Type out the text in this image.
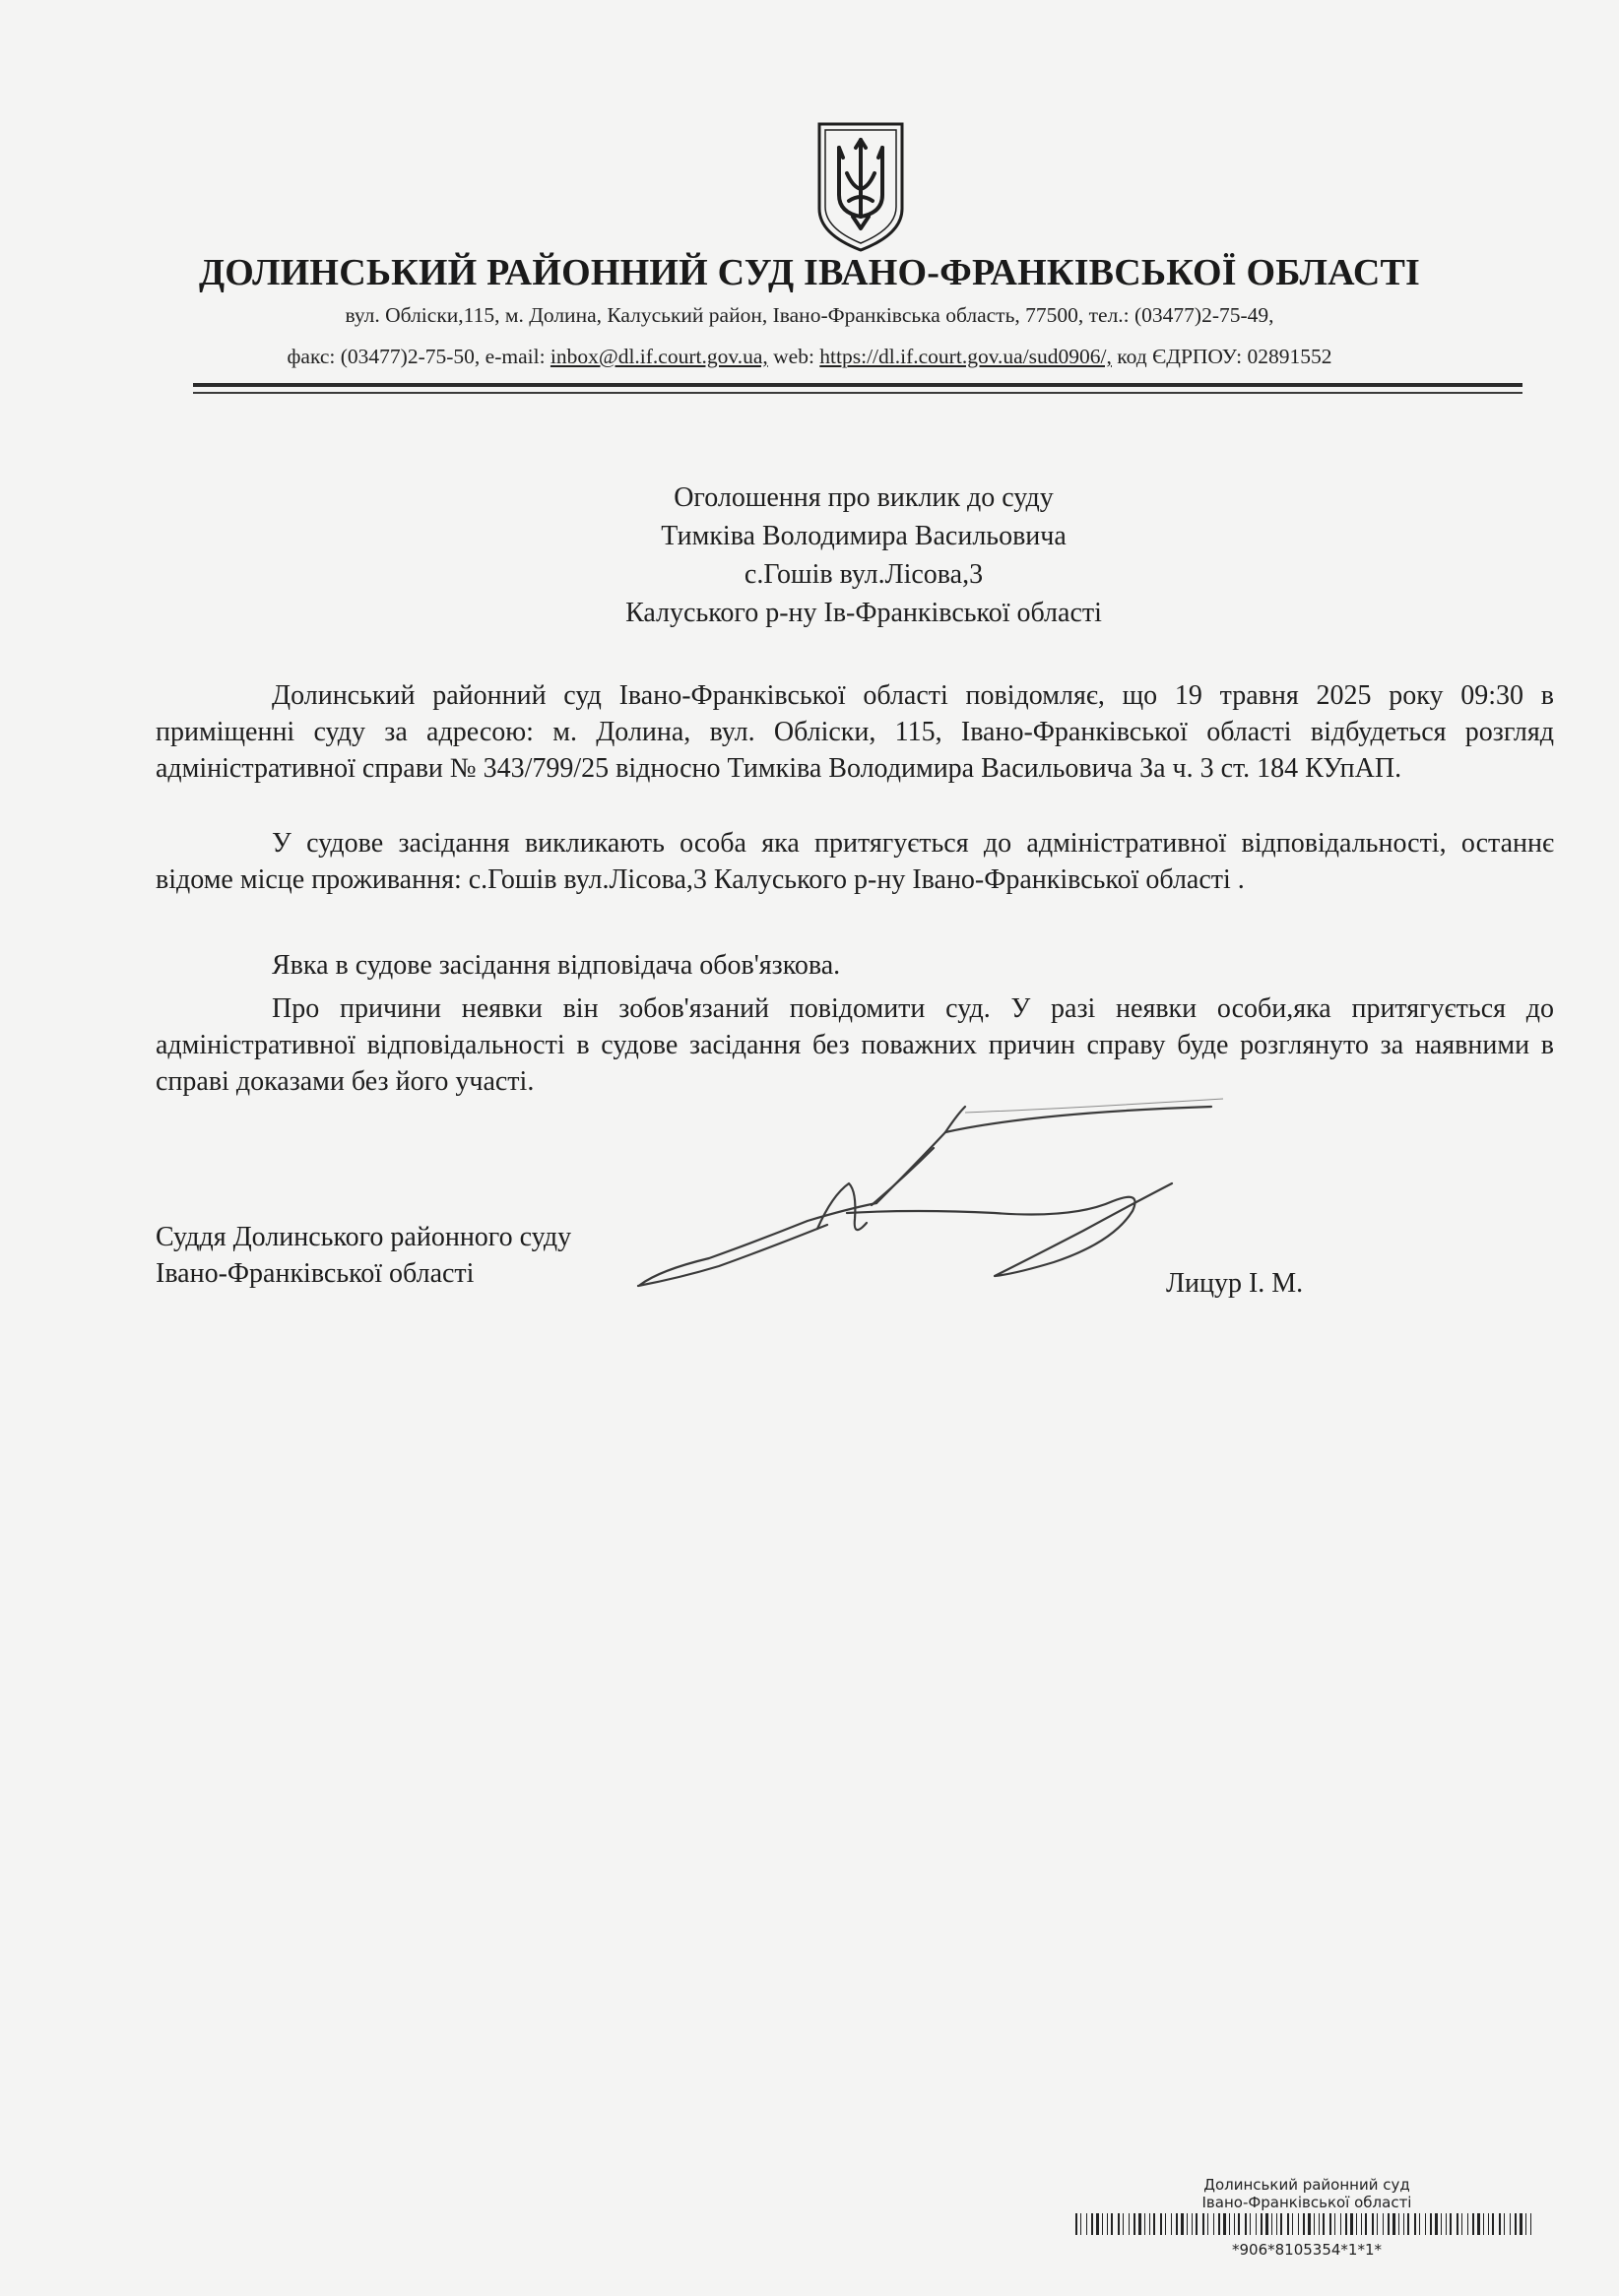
ДОЛИНСЬКИЙ РАЙОННИЙ СУД ІВАНО-ФРАНКІВСЬКОЇ ОБЛАСТІ
вул. Обліски,115, м. Долина, Калуський район, Івано-Франківська область, 77500, тел.: (03477)2-75-49,
факс: (03477)2-75-50, e-mail: inbox@dl.if.court.gov.ua, web: https://dl.if.court.gov.ua/sud0906/, код ЄДРПОУ: 02891552
Оголошення про виклик до суду
Тимківа Володимира Васильовича
с.Гошів вул.Лісова,3
Калуського р-ну Ів-Франківської області

Долинський районний суд Івано-Франківської області повідомляє, що 19 травня 2025 року 09:30 в приміщенні суду за адресою: м. Долина, вул. Обліски, 115, Івано-Франківської області відбудеться розгляд адміністративної справи № 343/799/25 відносно Тимківа Володимира Васильовича За ч. 3 ст. 184 КУпАП.

У судове засідання викликають особа яка притягується до адміністративної відповідальностi, останнє відоме місце проживання: с.Гошів вул.Лісова,3 Калуського р-ну Івано-Франківської області .

Явка в судове засідання відповідача обов'язкова.

Про причини неявки він зобов'язаний повідомити суд. У разі неявки особи,яка притягується до адміністративної відповідальності в судове засідання без поважних причин справу буде розглянуто за наявними в справі доказами без його участі.

Суддя Долинського районного суду
Івано-Франківської області	Лицур І. М.
Долинський районний суд
Івано-Франківської області
*906*8105354*1*1*
